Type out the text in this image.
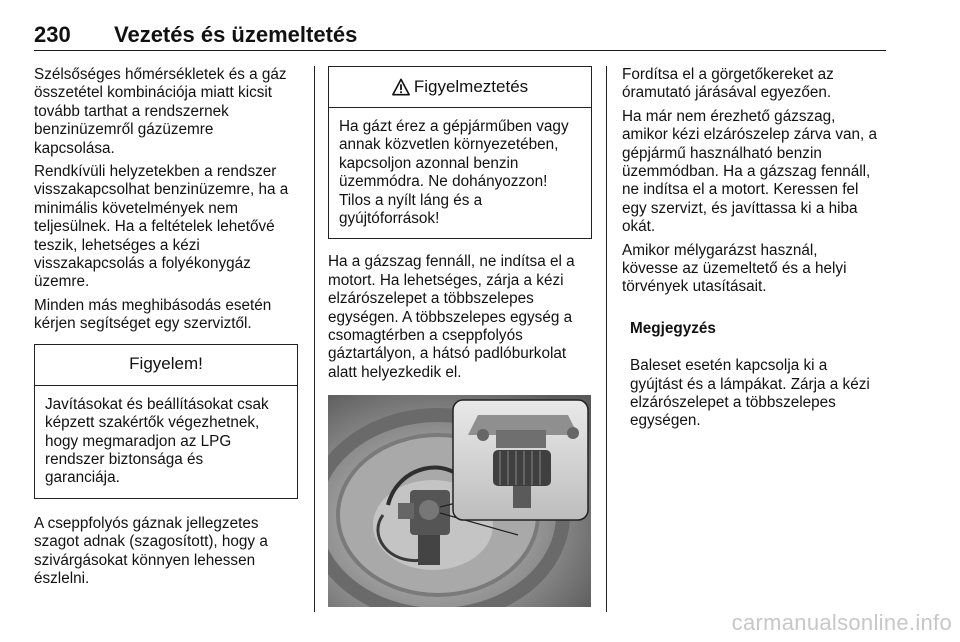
230 Vezetés és üzemeltetés

Szélsőséges hőmérsékletek és a gáz
összetétel kombinációja miatt kicsit
tovább tarthat a rendszernek
benzinüzemről gázüzemre
kapcsolása.

Rendkívüli helyzetekben a rendszer
visszakapcsolhat benzinüzemre, ha a
minimális követelmények nem
teljesülnek. Ha a feltételek lehetővé
teszik, lehetséges a kézi
visszakapcsolás a folyékonygáz
üzemre.

Minden más meghibásodás esetén
kérjen segítséget egy szerviztől.

Figyelem!
Javításokat és beállításokat csak
képzett szakértők végezhetnek,
hogy megmaradjon az LPG
rendszer biztonsága és
garanciája.

A cseppfolyós gáznak jellegzetes
szagot adnak (szagosított), hogy a
szivárgásokat könnyen lehessen
észlelni.

Figyelmeztetés
Ha gázt érez a gépjárműben vagy
annak közvetlen környezetében,
kapcsoljon azonnal benzin
üzemmódra. Ne dohányozzon!
Tilos a nyílt láng és a
gyújtóforrások!

Ha a gázszag fennáll, ne indítsa el a
motort. Ha lehetséges, zárja a kézi
elzárószelepet a többszelepes
egységen. A többszelepes egység a
csomagtérben a cseppfolyós
gáztartályon, a hátsó padlóburkolat
alatt helyezkedik el.

Fordítsa el a görgetőkereket az
óramutató járásával egyezően.

Ha már nem érezhető gázszag,
amikor kézi elzárószelep zárva van, a
gépjármű használható benzin
üzemmódban. Ha a gázszag fennáll,
ne indítsa el a motort. Keressen fel
egy szervizt, és javíttassa ki a hiba
okát.

Amikor mélygarázst használ,
kövesse az üzemeltető és a helyi
törvények utasításait.

Megjegyzés

Baleset esetén kapcsolja ki a
gyújtást és a lámpákat. Zárja a kézi
elzárószelepet a többszelepes
egységen.

carmanualsonline.info
